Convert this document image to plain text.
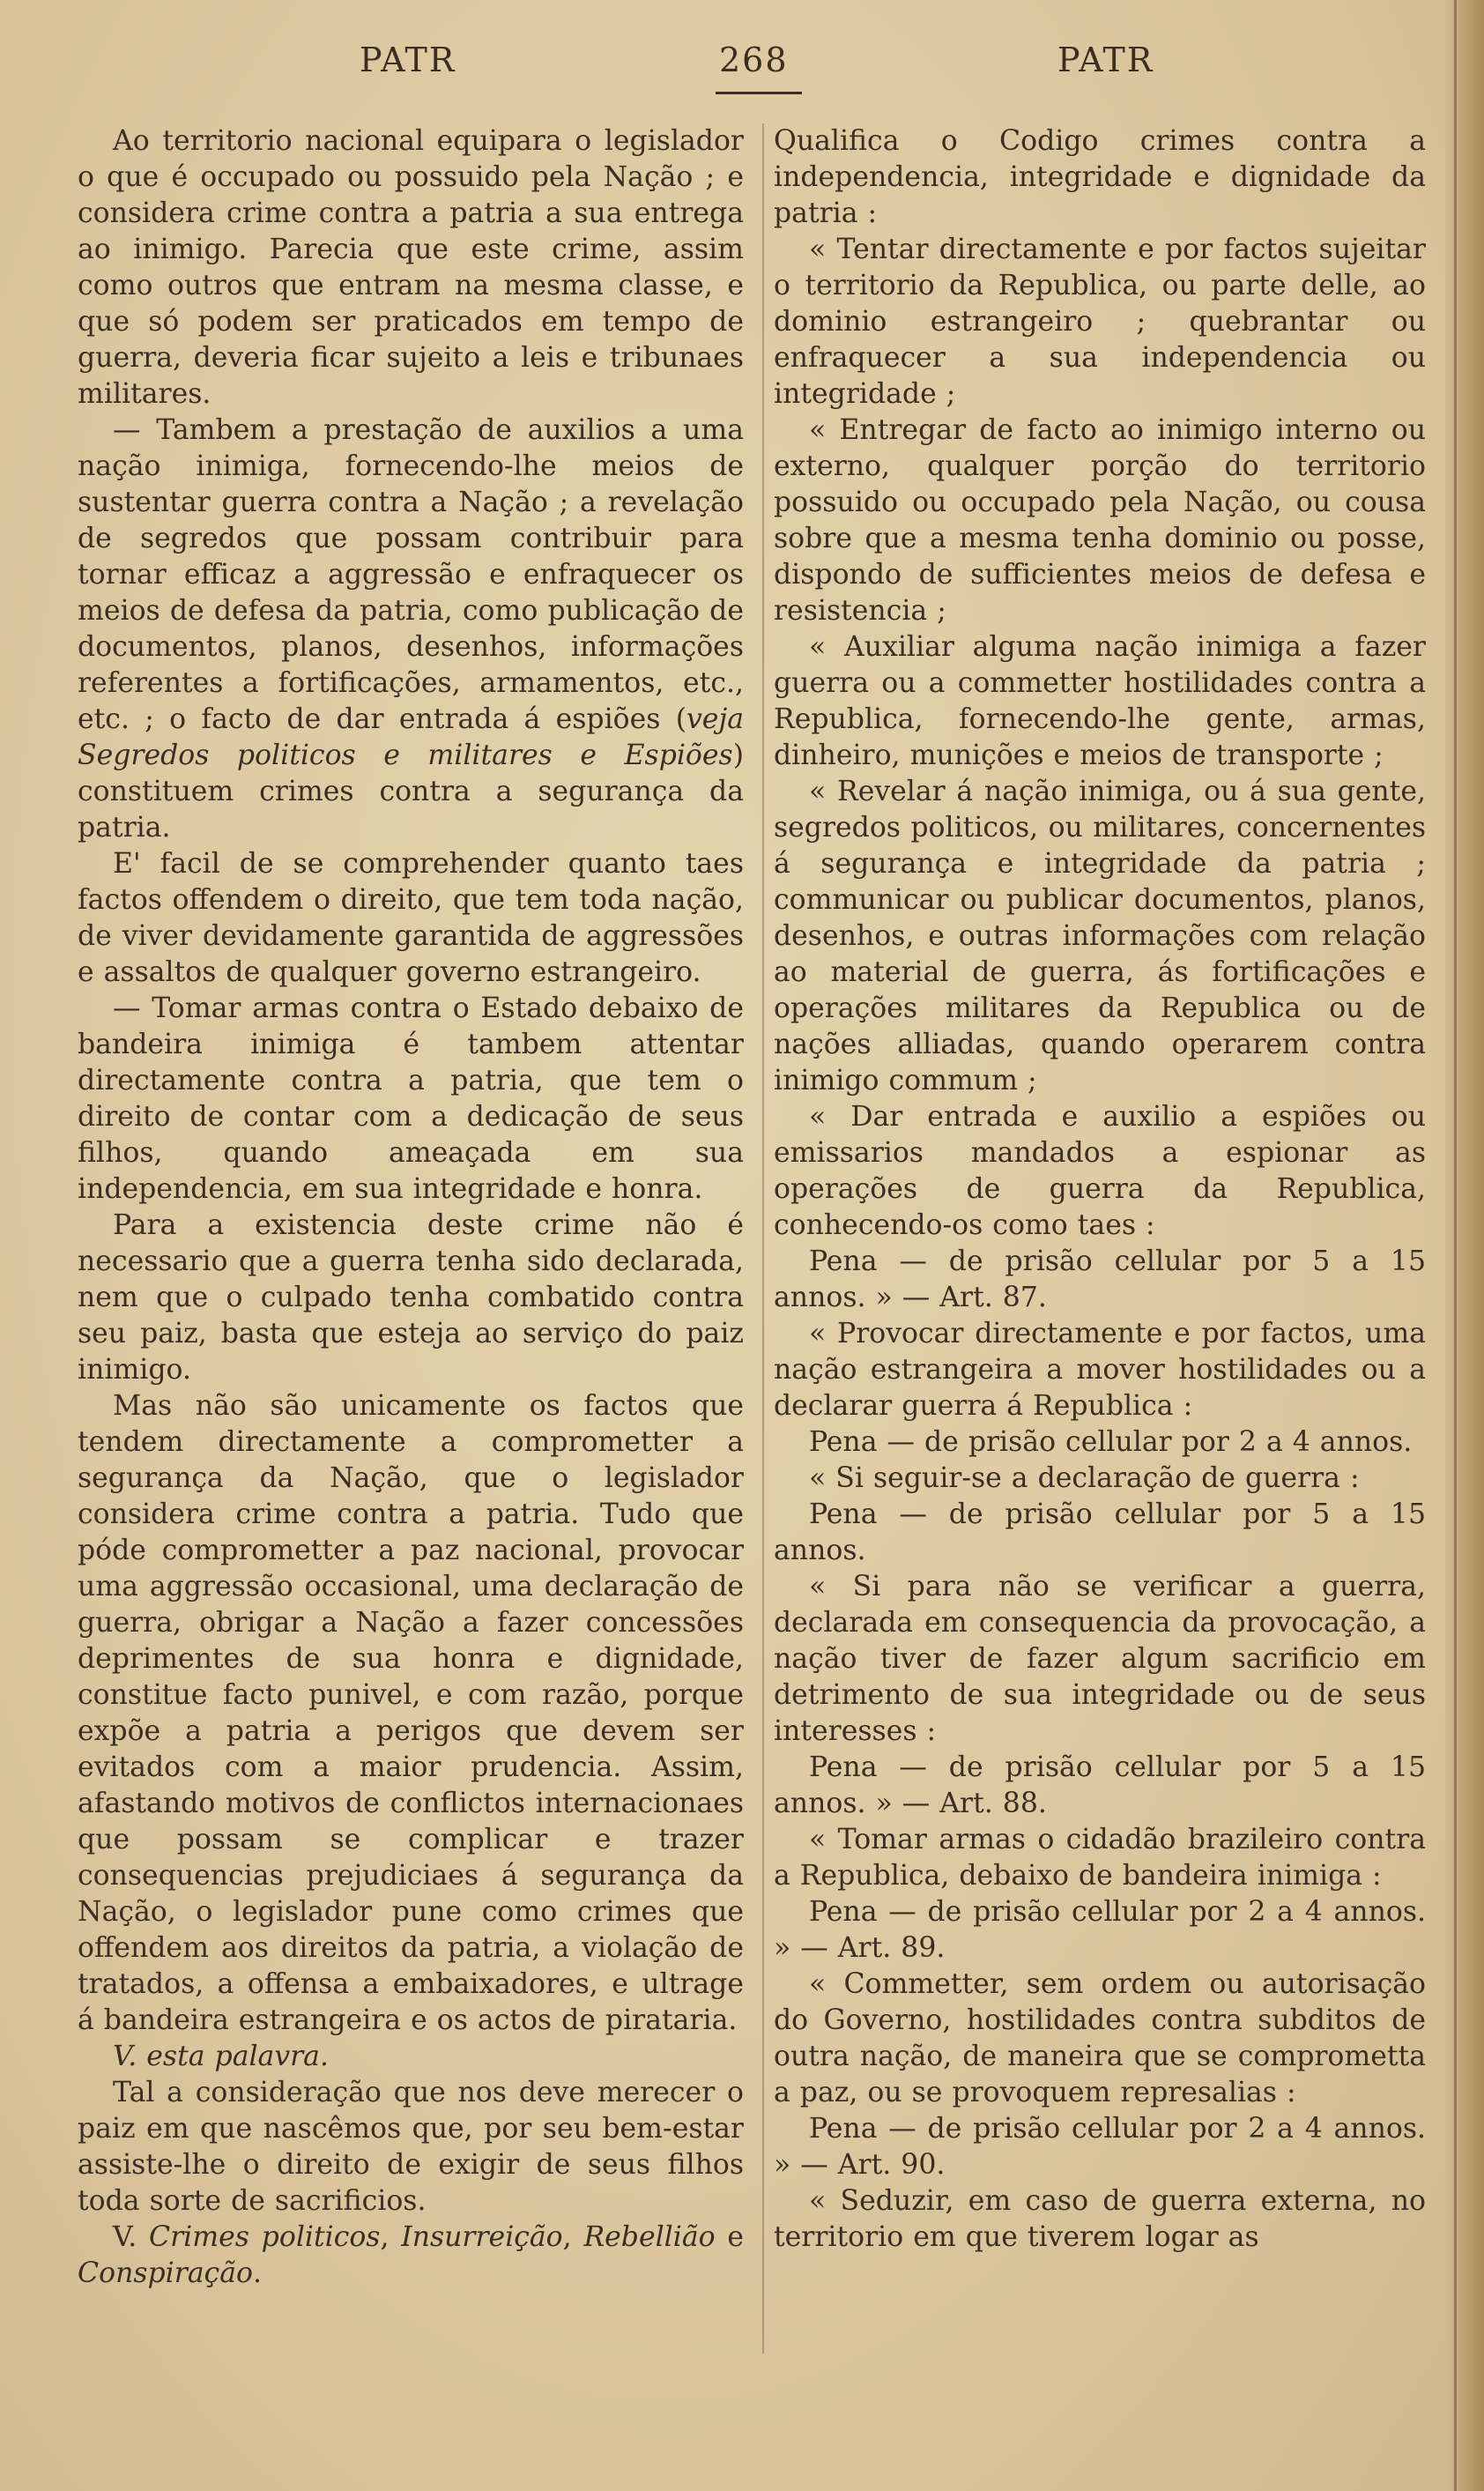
PATR	268	PATR

Ao territorio nacional equipara o legislador o que é occupado ou possuido pela Nação ; e considera crime contra a patria a sua entrega ao inimigo. Parecia que este crime, assim como outros que entram na mesma classe, e que só podem ser praticados em tempo de guerra, deveria ficar sujeito a leis e tribunaes militares.

— Tambem a prestação de auxilios a uma nação inimiga, fornecendo-lhe meios de sustentar guerra contra a Nação ; a revelação de segredos que possam contribuir para tornar efficaz a aggressão e enfraquecer os meios de defesa da patria, como publicação de documentos, planos, desenhos, informações referentes a fortificações, armamentos, etc., etc. ; o facto de dar entrada á espiões (veja Segredos politicos e militares e Espiões) constituem crimes contra a segurança da patria.

E' facil de se comprehender quanto taes factos offendem o direito, que tem toda nação, de viver devidamente garantida de aggressões e assaltos de qualquer governo estrangeiro.

— Tomar armas contra o Estado debaixo de bandeira inimiga é tambem attentar directamente contra a patria, que tem o direito de contar com a dedicação de seus filhos, quando ameaçada em sua independencia, em sua integridade e honra.

Para a existencia deste crime não é necessario que a guerra tenha sido declarada, nem que o culpado tenha combatido contra seu paiz, basta que esteja ao serviço do paiz inimigo.

Mas não são unicamente os factos que tendem directamente a comprometter a segurança da Nação, que o legislador considera crime contra a patria. Tudo que póde comprometter a paz nacional, provocar uma aggressão occasional, uma declaração de guerra, obrigar a Nação a fazer concessões deprimentes de sua honra e dignidade, constitue facto punivel, e com razão, porque expõe a patria a perigos que devem ser evitados com a maior prudencia. Assim, afastando motivos de conflictos internacionaes que possam se complicar e trazer consequencias prejudiciaes á segurança da Nação, o legislador pune como crimes que offendem aos direitos da patria, a violação de tratados, a offensa a embaixadores, e ultrage á bandeira estrangeira e os actos de pirataria.

V. esta palavra.

Tal a consideração que nos deve merecer o paiz em que nascêmos que, por seu bem-estar assiste-lhe o direito de exigir de seus filhos toda sorte de sacrificios.

V. Crimes politicos, Insurreição, Rebellião e Conspiração.

Qualifica o Codigo crimes contra a independencia, integridade e dignidade da patria :

« Tentar directamente e por factos sujeitar o territorio da Republica, ou parte delle, ao dominio estrangeiro ; quebrantar ou enfraquecer a sua independencia ou integridade ;

« Entregar de facto ao inimigo interno ou externo, qualquer porção do territorio possuido ou occupado pela Nação, ou cousa sobre que a mesma tenha dominio ou posse, dispondo de sufficientes meios de defesa e resistencia ;

« Auxiliar alguma nação inimiga a fazer guerra ou a commetter hostilidades contra a Republica, fornecendo-lhe gente, armas, dinheiro, munições e meios de transporte ;

« Revelar á nação inimiga, ou á sua gente, segredos politicos, ou militares, concernentes á segurança e integridade da patria ; communicar ou publicar documentos, planos, desenhos, e outras informações com relação ao material de guerra, ás fortificações e operações militares da Republica ou de nações alliadas, quando operarem contra inimigo commum ;

« Dar entrada e auxilio a espiões ou emissarios mandados a espionar as operações de guerra da Republica, conhecendo-os como taes :

Pena — de prisão cellular por 5 a 15 annos. » — Art. 87.

« Provocar directamente e por factos, uma nação estrangeira a mover hostilidades ou a declarar guerra á Republica :

Pena — de prisão cellular por 2 a 4 annos.

« Si seguir-se a declaração de guerra :

Pena — de prisão cellular por 5 a 15 annos.

« Si para não se verificar a guerra, declarada em consequencia da provocação, a nação tiver de fazer algum sacrificio em detrimento de sua integridade ou de seus interesses :

Pena — de prisão cellular por 5 a 15 annos. » — Art. 88.

« Tomar armas o cidadão brazileiro contra a Republica, debaixo de bandeira inimiga :

Pena — de prisão cellular por 2 a 4 annos. » — Art. 89.

« Commetter, sem ordem ou autorisação do Governo, hostilidades contra subditos de outra nação, de maneira que se comprometta a paz, ou se provoquem represalias :

Pena — de prisão cellular por 2 a 4 annos. » — Art. 90.

« Seduzir, em caso de guerra externa, no territorio em que tiverem logar as
